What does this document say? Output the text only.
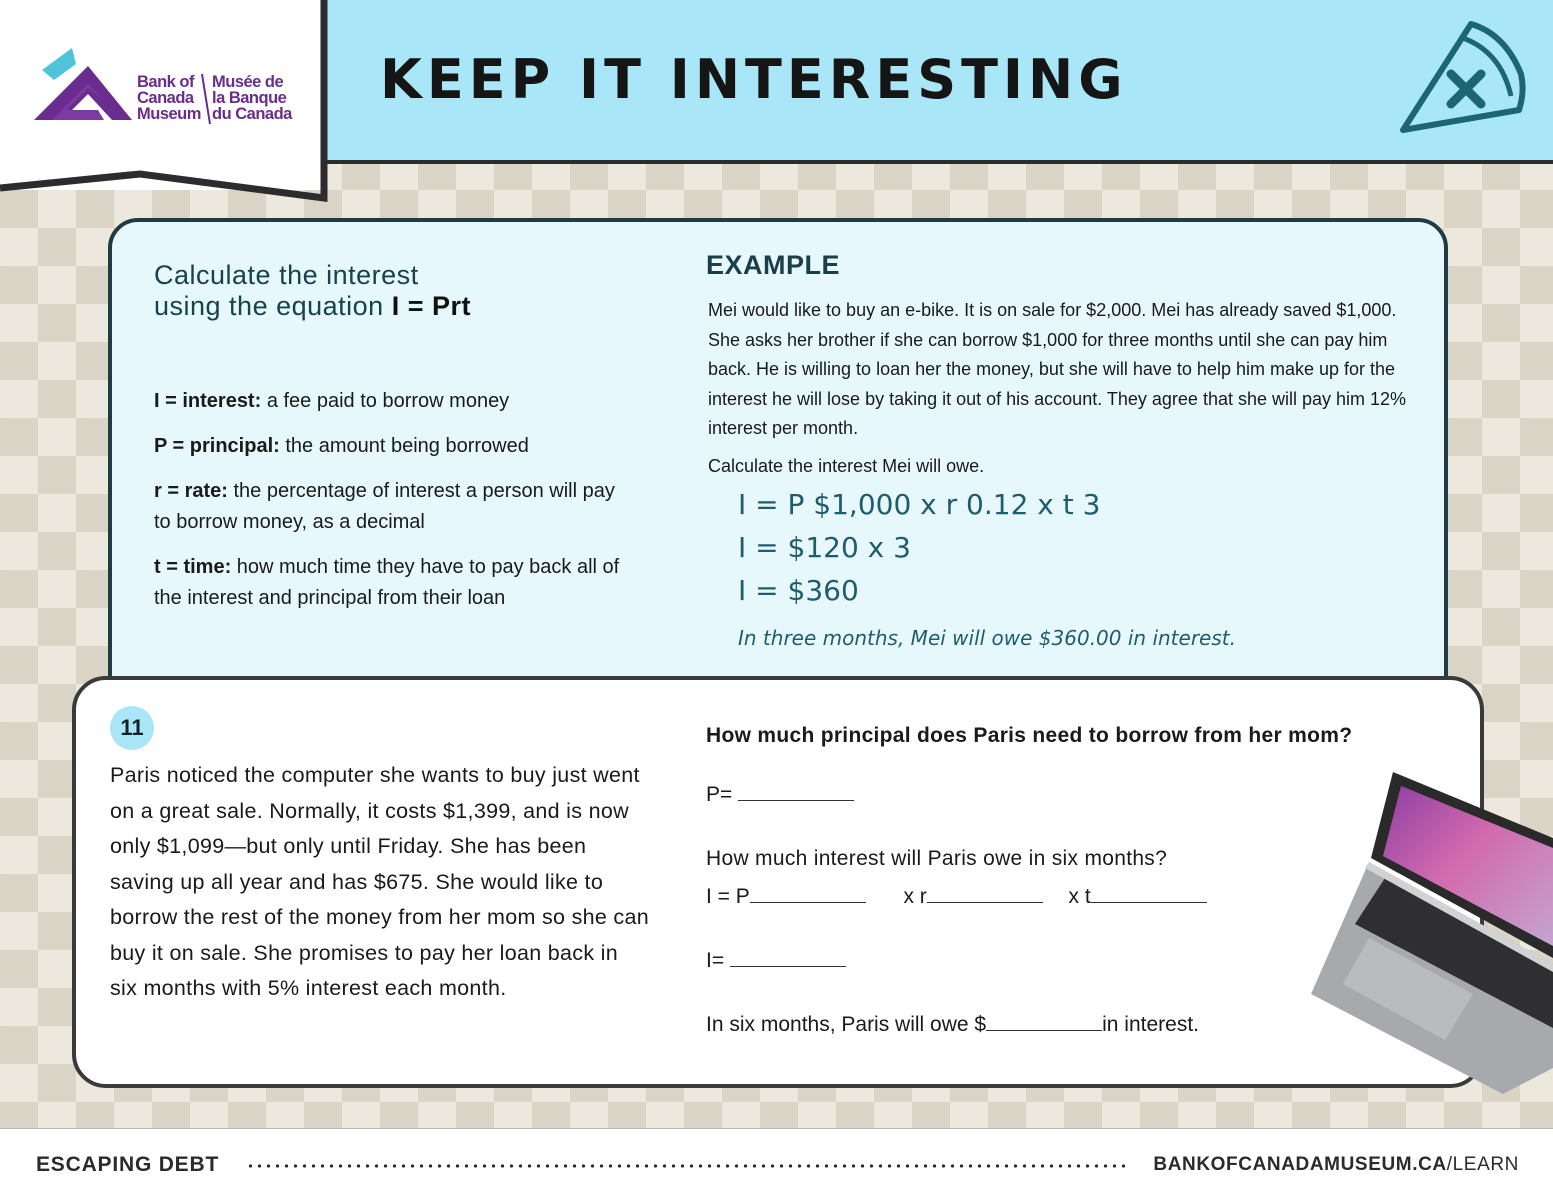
KEEP IT INTERESTING
Bank of
Canada
Museum
Musée de
la Banque
du Canada
Calculate the interest
using the equation I = Prt

I = interest: a fee paid to borrow money

P = principal: the amount being borrowed

r = rate: the percentage of interest a person will pay to borrow money, as a decimal

t = time: how much time they have to pay back all of the interest and principal from their loan

EXAMPLE

Mei would like to buy an e-bike. It is on sale for $2,000. Mei has already saved $1,000. She asks her brother if she can borrow $1,000 for three months until she can pay him back. He is willing to loan her the money, but she will have to help him make up for the interest he will lose by taking it out of his account. They agree that she will pay him 12% interest per month.

Calculate the interest Mei will owe.

I = P $1,000 x r 0.12 x t 3

I = $120 x 3

I = $360

In three months, Mei will owe $360.00 in interest.

11

Paris noticed the computer she wants to buy just went on a great sale. Normally, it costs $1,399, and is now only $1,099—but only until Friday. She has been saving up all year and has $675. She would like to borrow the rest of the money from her mom so she can buy it on sale. She promises to pay her loan back in six months with 5% interest each month.

How much principal does Paris need to borrow from her mom?

P=

How much interest will Paris owe in six months?

I = P	x r	x t

I=

In six months, Paris will owe $	in interest.

ESCAPING DEBT	BANKOFCANADAMUSEUM.CA/LEARN
